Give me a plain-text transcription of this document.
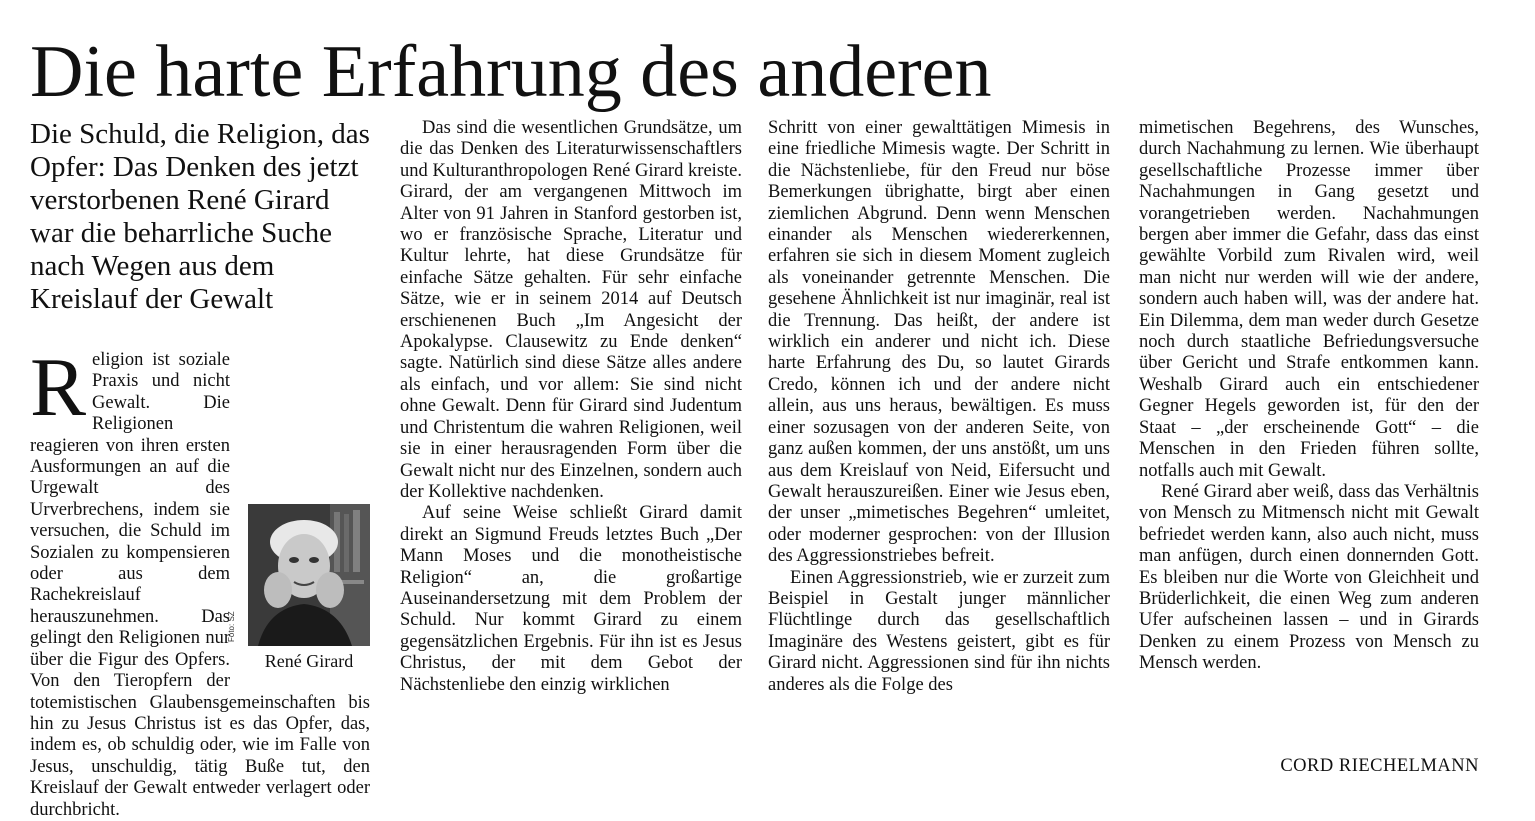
Die harte Erfahrung des anderen

Die Schuld, die Religion, das Opfer: Das Denken des jetzt verstorbenen René Girard war die beharrliche Suche nach Wegen aus dem Kreislauf der Gewalt

R
Foto: SZ
René Girard

eligion ist soziale Praxis und nicht Gewalt. Die Religionen reagieren von ihren ersten Ausformungen an auf die Urgewalt des Urverbrechens, indem sie versuchen, die Schuld im Sozialen zu kompensieren oder aus dem Rachekreislauf herauszunehmen. Das gelingt den Religionen nur über die Figur des Opfers. Von den Tieropfern der totemistischen Glaubensgemeinschaften bis hin zu Jesus Christus ist es das Opfer, das, indem es, ob schuldig oder, wie im Falle von Jesus, unschuldig, tätig Buße tut, den Kreislauf der Gewalt entweder verlagert oder durchbricht.

Das sind die wesentlichen Grundsätze, um die das Denken des Literaturwissenschaftlers und Kulturanthropologen René Girard kreiste. Girard, der am vergangenen Mittwoch im Alter von 91 Jahren in Stanford gestorben ist, wo er französische Sprache, Literatur und Kultur lehrte, hat diese Grundsätze für einfache Sätze gehalten. Für sehr einfache Sätze, wie er in seinem 2014 auf Deutsch erschienenen Buch „Im Angesicht der Apokalypse. Clausewitz zu Ende denken“ sagte. Natürlich sind diese Sätze alles andere als einfach, und vor allem: Sie sind nicht ohne Gewalt. Denn für Girard sind Judentum und Christentum die wahren Religionen, weil sie in einer herausragenden Form über die Gewalt nicht nur des Einzelnen, sondern auch der Kollektive nachdenken.

Auf seine Weise schließt Girard damit direkt an Sigmund Freuds letztes Buch „Der Mann Moses und die monotheistische Religion“ an, die großartige Auseinandersetzung mit dem Problem der Schuld. Nur kommt Girard zu einem gegensätzlichen Ergebnis. Für ihn ist es Jesus Christus, der mit dem Gebot der Nächstenliebe den einzig wirklichen

Schritt von einer gewalttätigen Mimesis in eine friedliche Mimesis wagte. Der Schritt in die Nächstenliebe, für den Freud nur böse Bemerkungen übrighatte, birgt aber einen ziemlichen Abgrund. Denn wenn Menschen einander als Menschen wiedererkennen, erfahren sie sich in diesem Moment zugleich als voneinander getrennte Menschen. Die gesehene Ähnlichkeit ist nur imaginär, real ist die Trennung. Das heißt, der andere ist wirklich ein anderer und nicht ich. Diese harte Erfahrung des Du, so lautet Girards Credo, können ich und der andere nicht allein, aus uns heraus, bewältigen. Es muss einer sozusagen von der anderen Seite, von ganz außen kommen, der uns anstößt, um uns aus dem Kreislauf von Neid, Eifersucht und Gewalt herauszureißen. Einer wie Jesus eben, der unser „mimetisches Begehren“ umleitet, oder moderner gesprochen: von der Illusion des Aggressionstriebes befreit.

Einen Aggressionstrieb, wie er zurzeit zum Beispiel in Gestalt junger männlicher Flüchtlinge durch das gesellschaftlich Imaginäre des Westens geistert, gibt es für Girard nicht. Aggressionen sind für ihn nichts anderes als die Folge des

mimetischen Begehrens, des Wunsches, durch Nachahmung zu lernen. Wie überhaupt gesellschaftliche Prozesse immer über Nachahmungen in Gang gesetzt und vorangetrieben werden. Nachahmungen bergen aber immer die Gefahr, dass das einst gewählte Vorbild zum Rivalen wird, weil man nicht nur werden will wie der andere, sondern auch haben will, was der andere hat. Ein Dilemma, dem man weder durch Gesetze noch durch staatliche Befriedungsversuche über Gericht und Strafe entkommen kann. Weshalb Girard auch ein entschiedener Gegner Hegels geworden ist, für den der Staat – „der erscheinende Gott“ – die Menschen in den Frieden führen sollte, notfalls auch mit Gewalt.

René Girard aber weiß, dass das Verhältnis von Mensch zu Mitmensch nicht mit Gewalt befriedet werden kann, also auch nicht, muss man anfügen, durch einen donnernden Gott. Es bleiben nur die Worte von Gleichheit und Brüderlichkeit, die einen Weg zum anderen Ufer aufscheinen lassen – und in Girards Denken zu einem Prozess von Mensch zu Mensch werden.

CORD RIECHELMANN
